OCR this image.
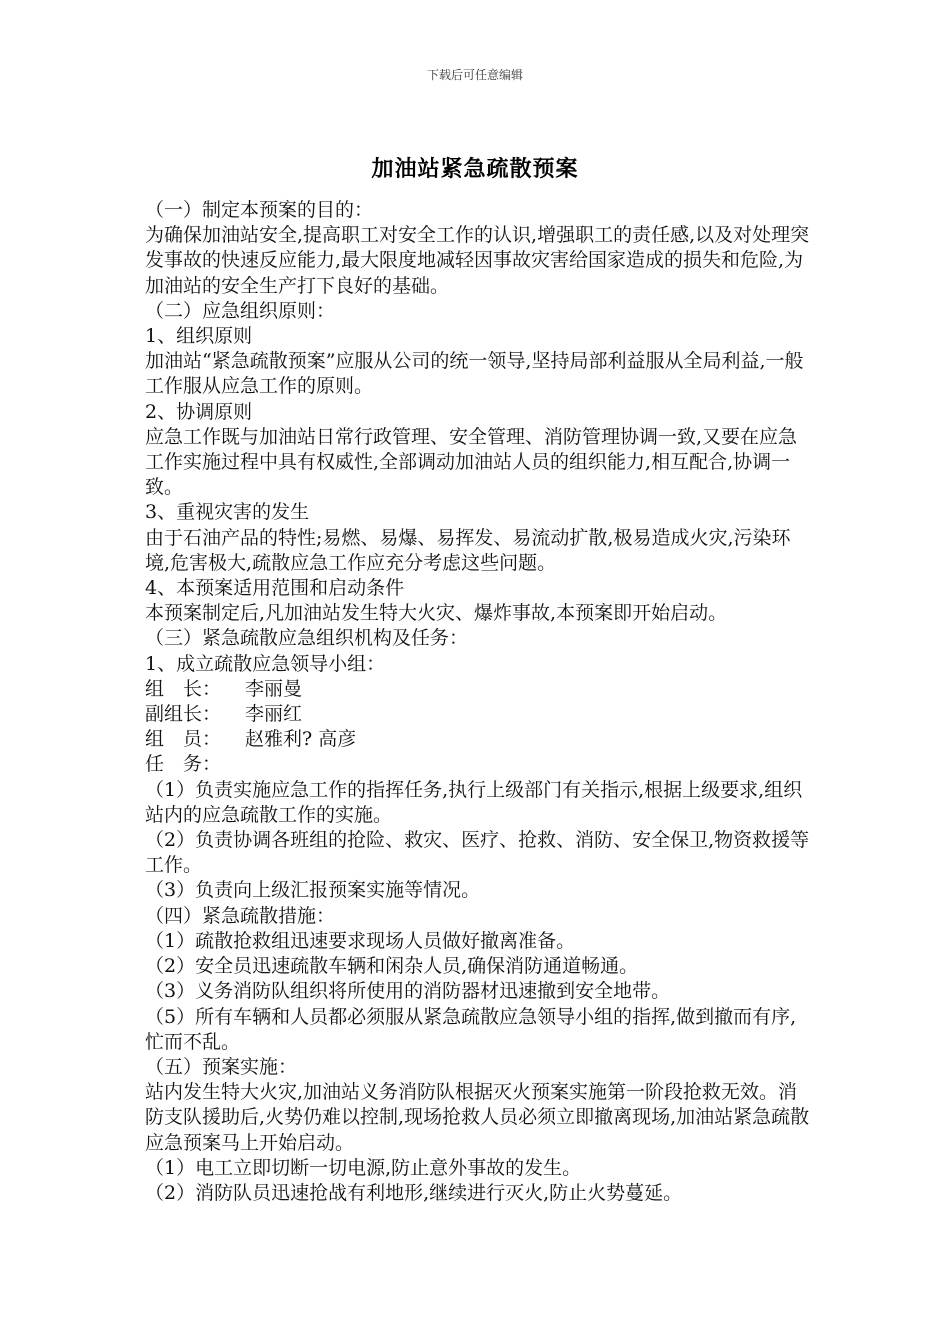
下载后可任意编辑
加油站紧急疏散预案

（一）制定本预案的目的：

为确保加油站安全,提高职工对安全工作的认识,增强职工的责任感,以及对处理突发事故的快速反应能力,最大限度地减轻因事故灾害给国家造成的损失和危险,为加油站的安全生产打下良好的基础。

（二）应急组织原则：

1、组织原则

加油站“紧急疏散预案”应服从公司的统一领导,坚持局部利益服从全局利益,一般工作服从应急工作的原则。

2、协调原则

应急工作既与加油站日常行政管理、安全管理、消防管理协调一致,又要在应急工作实施过程中具有权威性,全部调动加油站人员的组织能力,相互配合,协调一致。

3、重视灾害的发生

由于石油产品的特性;易燃、易爆、易挥发、易流动扩散,极易造成火灾,污染环境,危害极大,疏散应急工作应充分考虑这些问题。

4、本预案适用范围和启动条件

本预案制定后,凡加油站发生特大火灾、爆炸事故,本预案即开始启动。

（三）紧急疏散应急组织机构及任务：

1、成立疏散应急领导小组：

组　长： 李丽曼

副组长： 李丽红

组　员： 赵雅利? 高彦

任　务：

（1）负责实施应急工作的指挥任务,执行上级部门有关指示,根据上级要求,组织站内的应急疏散工作的实施。

（2）负责协调各班组的抢险、救灾、医疗、抢救、消防、安全保卫,物资救援等工作。

（3）负责向上级汇报预案实施等情况。

（四）紧急疏散措施：

（1）疏散抢救组迅速要求现场人员做好撤离准备。

（2）安全员迅速疏散车辆和闲杂人员,确保消防通道畅通。

（3）义务消防队组织将所使用的消防器材迅速撤到安全地带。

（5）所有车辆和人员都必须服从紧急疏散应急领导小组的指挥,做到撤而有序,忙而不乱。

（五）预案实施：

站内发生特大火灾,加油站义务消防队根据灭火预案实施第一阶段抢救无效。消防支队援助后,火势仍难以控制,现场抢救人员必须立即撤离现场,加油站紧急疏散应急预案马上开始启动。

（1）电工立即切断一切电源,防止意外事故的发生。

（2）消防队员迅速抢战有利地形,继续进行灭火,防止火势蔓延。
